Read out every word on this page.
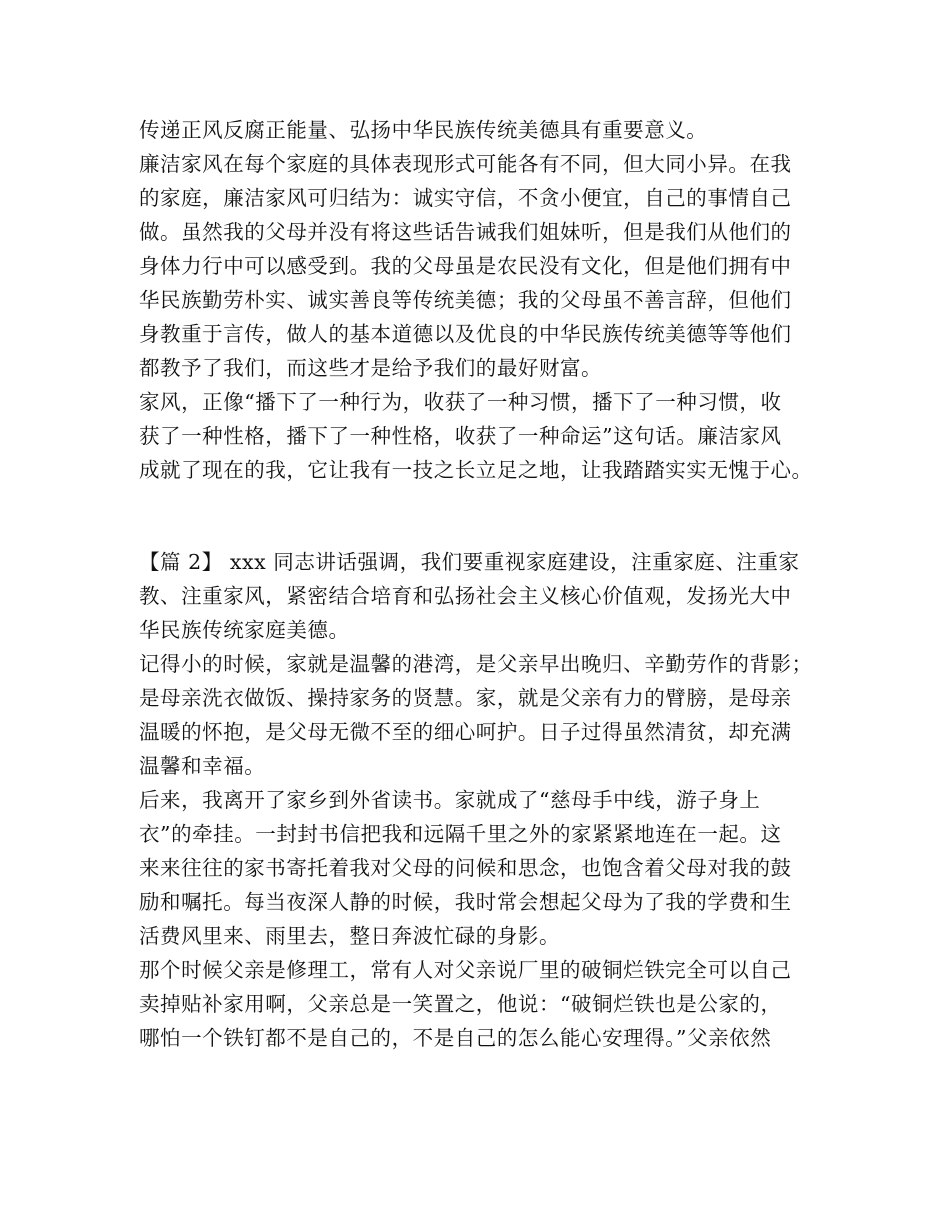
传递正风反腐正能量、弘扬中华民族传统美德具有重要意义。
廉洁家风在每个家庭的具体表现形式可能各有不同，但大同小异。在我
的家庭，廉洁家风可归结为：诚实守信，不贪小便宜，自己的事情自己
做。虽然我的父母并没有将这些话告诫我们姐妹听，但是我们从他们的
身体力行中可以感受到。我的父母虽是农民没有文化，但是他们拥有中
华民族勤劳朴实、诚实善良等传统美德；我的父母虽不善言辞，但他们
身教重于言传，做人的基本道德以及优良的中华民族传统美德等等他们
都教予了我们，而这些才是给予我们的最好财富。
家风，正像“播下了一种行为，收获了一种习惯，播下了一种习惯，收
获了一种性格，播下了一种性格，收获了一种命运”这句话。廉洁家风
成就了现在的我，它让我有一技之长立足之地，让我踏踏实实无愧于心。
【篇 2】 xxx 同志讲话强调，我们要重视家庭建设，注重家庭、注重家
教、注重家风，紧密结合培育和弘扬社会主义核心价值观，发扬光大中
华民族传统家庭美德。
记得小的时候，家就是温馨的港湾，是父亲早出晚归、辛勤劳作的背影；
是母亲洗衣做饭、操持家务的贤慧。家，就是父亲有力的臂膀，是母亲
温暖的怀抱，是父母无微不至的细心呵护。日子过得虽然清贫，却充满
温馨和幸福。
后来，我离开了家乡到外省读书。家就成了“慈母手中线，游子身上
衣”的牵挂。一封封书信把我和远隔千里之外的家紧紧地连在一起。这
来来往往的家书寄托着我对父母的问候和思念，也饱含着父母对我的鼓
励和嘱托。每当夜深人静的时候，我时常会想起父母为了我的学费和生
活费风里来、雨里去，整日奔波忙碌的身影。
那个时候父亲是修理工，常有人对父亲说厂里的破铜烂铁完全可以自己
卖掉贴补家用啊，父亲总是一笑置之，他说：“破铜烂铁也是公家的，
哪怕一个铁钉都不是自己的，不是自己的怎么能心安理得。”父亲依然
